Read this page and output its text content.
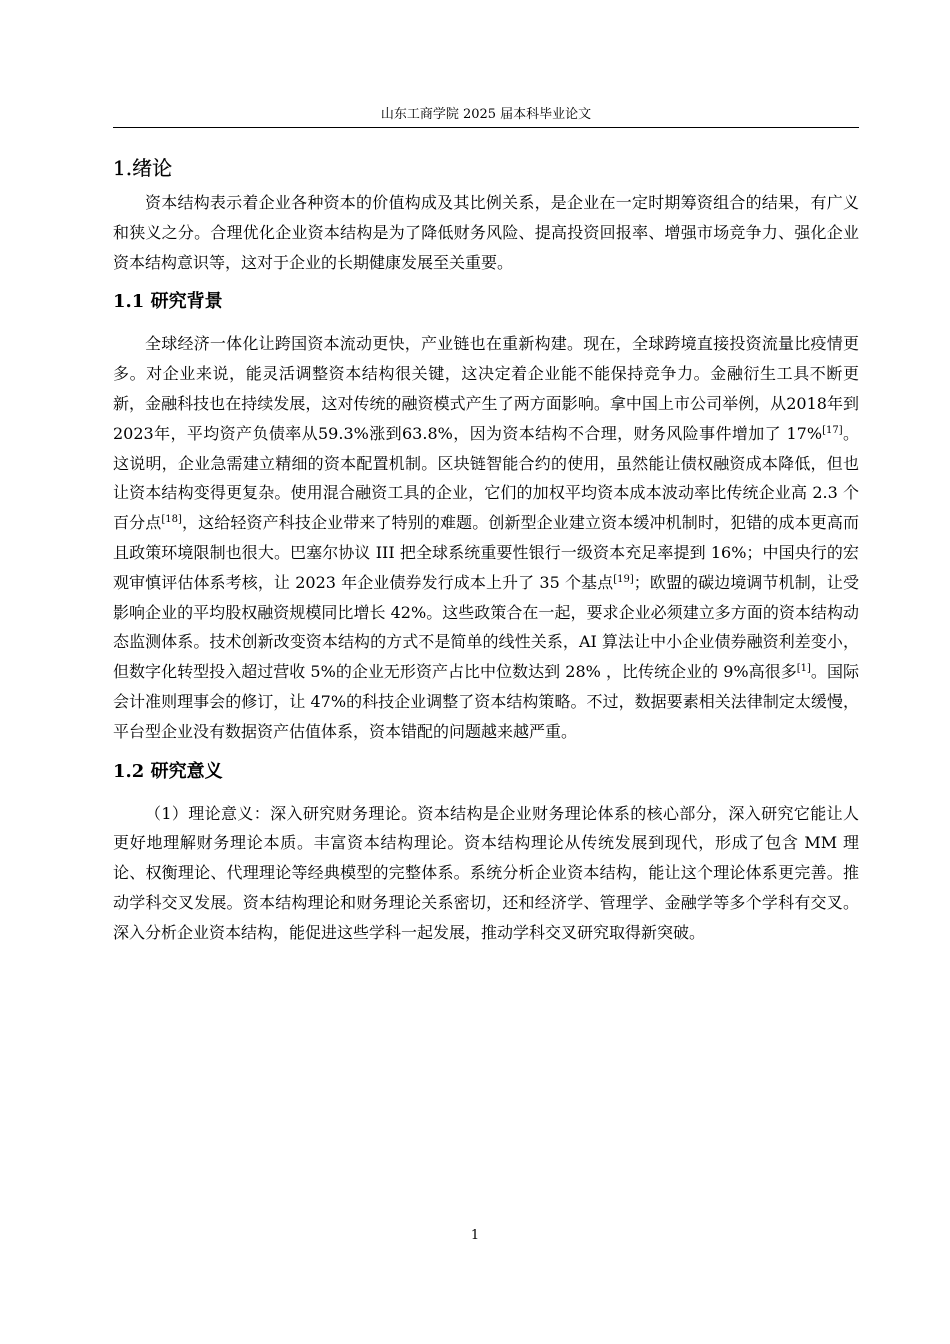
山东工商学院 2025 届本科毕业论文
1.绪论

资本结构表示着企业各种资本的价值构成及其比例关系，是企业在一定时期筹资组合的结果，有广义和狭义之分。合理优化企业资本结构是为了降低财务风险、提高投资回报率、增强市场竞争力、强化企业资本结构意识等，这对于企业的长期健康发展至关重要。

1.1 研究背景

全球经济一体化让跨国资本流动更快，产业链也在重新构建。现在，全球跨境直接投资流量比疫情更多。对企业来说，能灵活调整资本结构很关键，这决定着企业能不能保持竞争力。金融衍生工具不断更新，金融科技也在持续发展，这对传统的融资模式产生了两方面影响。拿中国上市公司举例，从2018年到2023年，平均资产负债率从59.3%涨到63.8%，因为资本结构不合理，财务风险事件增加了 17%[17]。这说明，企业急需建立精细的资本配置机制。区块链智能合约的使用，虽然能让债权融资成本降低，但也让资本结构变得更复杂。使用混合融资工具的企业，它们的加权平均资本成本波动率比传统企业高 2.3 个百分点[18]，这给轻资产科技企业带来了特别的难题。创新型企业建立资本缓冲机制时，犯错的成本更高而且政策环境限制也很大。巴塞尔协议 III 把全球系统重要性银行一级资本充足率提到 16%；中国央行的宏观审慎评估体系考核，让 2023 年企业债券发行成本上升了 35 个基点[19]；欧盟的碳边境调节机制，让受影响企业的平均股权融资规模同比增长 42%。这些政策合在一起，要求企业必须建立多方面的资本结构动态监测体系。技术创新改变资本结构的方式不是简单的线性关系，AI 算法让中小企业债券融资利差变小，但数字化转型投入超过营收 5%的企业无形资产占比中位数达到 28% ，比传统企业的 9%高很多[1]。国际会计准则理事会的修订，让 47%的科技企业调整了资本结构策略。不过，数据要素相关法律制定太缓慢，平台型企业没有数据资产估值体系，资本错配的问题越来越严重。

1.2 研究意义

（1）理论意义：深入研究财务理论。资本结构是企业财务理论体系的核心部分，深入研究它能让人更好地理解财务理论本质。丰富资本结构理论。资本结构理论从传统发展到现代，形成了包含 MM 理论、权衡理论、代理理论等经典模型的完整体系。系统分析企业资本结构，能让这个理论体系更完善。推动学科交叉发展。资本结构理论和财务理论关系密切，还和经济学、管理学、金融学等多个学科有交叉。深入分析企业资本结构，能促进这些学科一起发展，推动学科交叉研究取得新突破。

1
